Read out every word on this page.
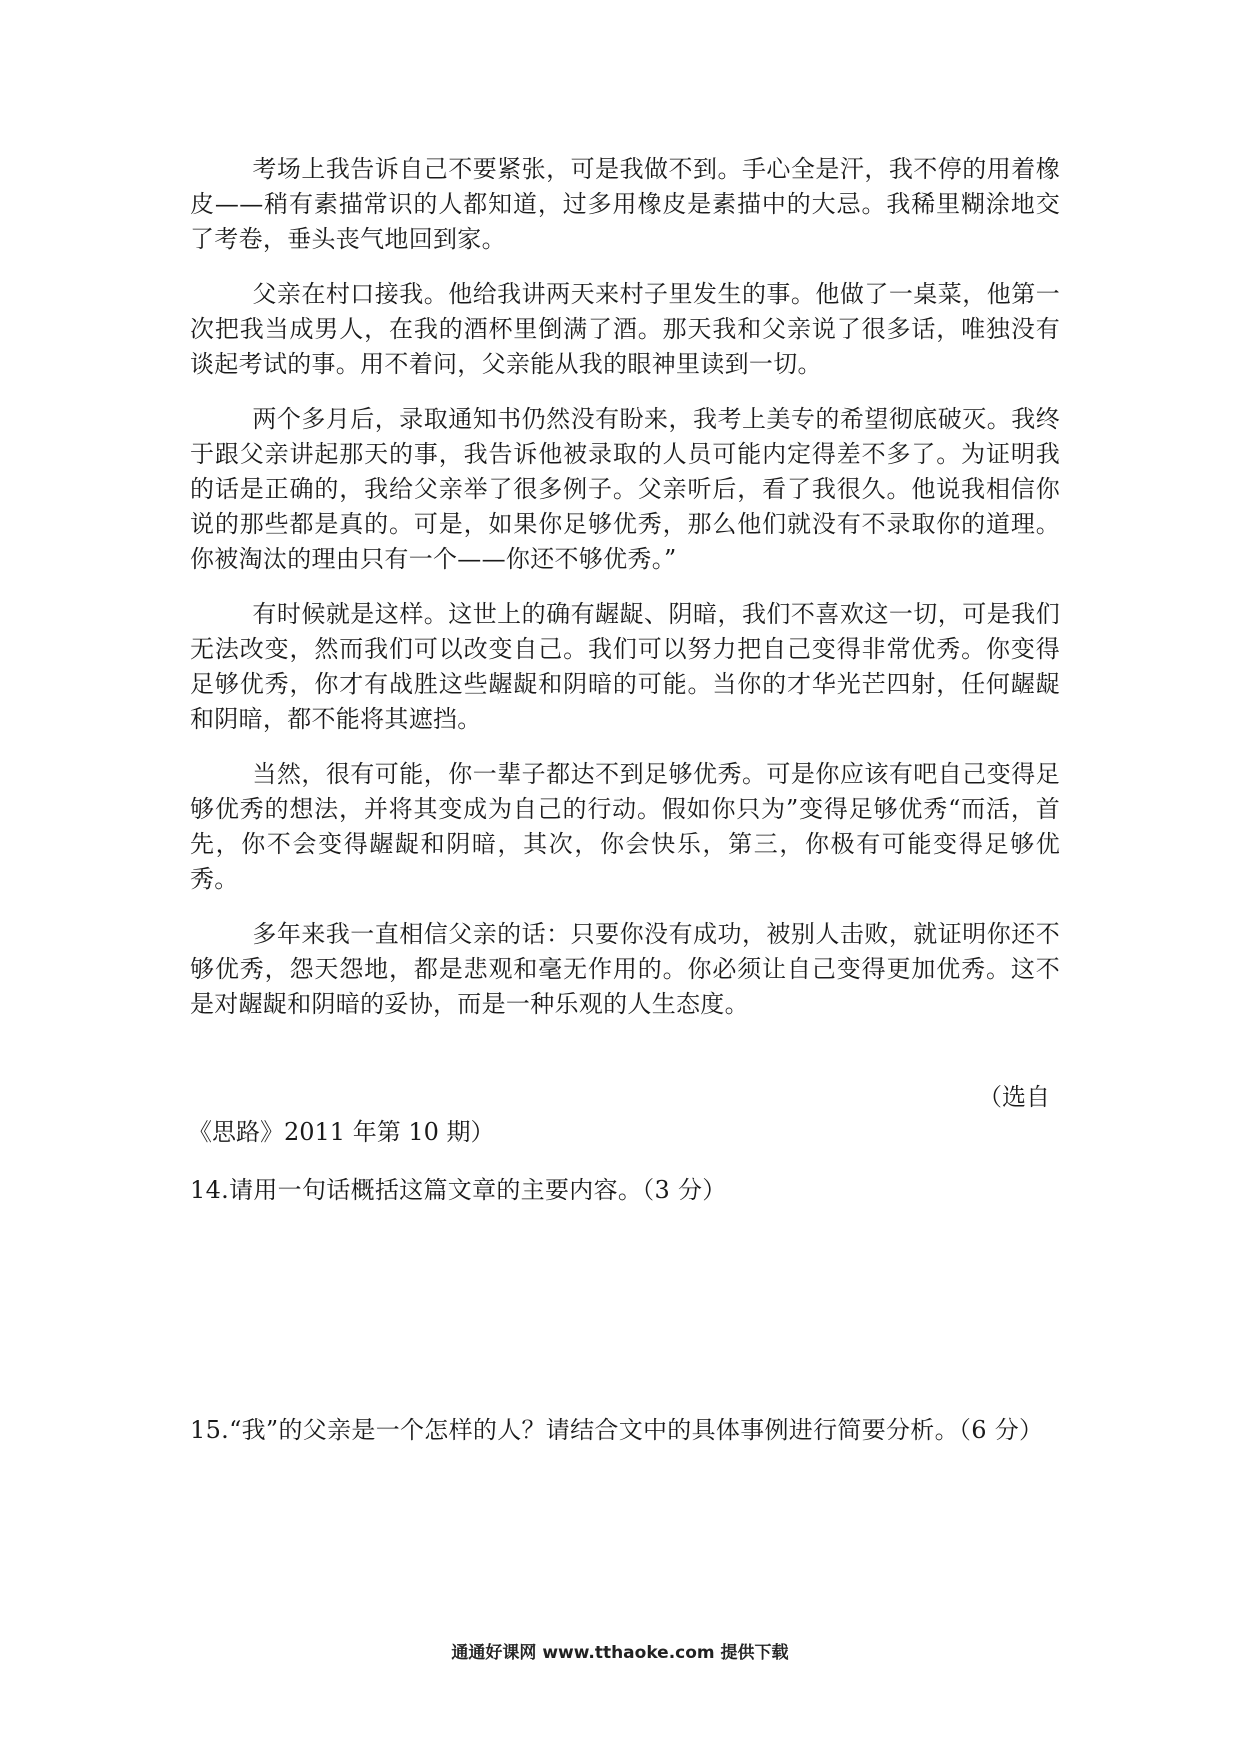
考场上我告诉自己不要紧张，可是我做不到。手心全是汗，我不停的用着橡皮——稍有素描常识的人都知道，过多用橡皮是素描中的大忌。我稀里糊涂地交了考卷，垂头丧气地回到家。

父亲在村口接我。他给我讲两天来村子里发生的事。他做了一桌菜，他第一次把我当成男人，在我的酒杯里倒满了酒。那天我和父亲说了很多话，唯独没有谈起考试的事。用不着问，父亲能从我的眼神里读到一切。

两个多月后，录取通知书仍然没有盼来，我考上美专的希望彻底破灭。我终于跟父亲讲起那天的事，我告诉他被录取的人员可能内定得差不多了。为证明我的话是正确的，我给父亲举了很多例子。父亲听后，看了我很久。他说我相信你说的那些都是真的。可是，如果你足够优秀，那么他们就没有不录取你的道理。你被淘汰的理由只有一个——你还不够优秀。”

有时候就是这样。这世上的确有龌龊、阴暗，我们不喜欢这一切，可是我们无法改变，然而我们可以改变自己。我们可以努力把自己变得非常优秀。你变得足够优秀，你才有战胜这些龌龊和阴暗的可能。当你的才华光芒四射，任何龌龊和阴暗，都不能将其遮挡。

当然，很有可能，你一辈子都达不到足够优秀。可是你应该有吧自己变得足够优秀的想法，并将其变成为自己的行动。假如你只为”变得足够优秀“而活，首先，你不会变得龌龊和阴暗，其次，你会快乐，第三，你极有可能变得足够优秀。

多年来我一直相信父亲的话：只要你没有成功，被别人击败，就证明你还不够优秀，怨天怨地，都是悲观和毫无作用的。你必须让自己变得更加优秀。这不是对龌龊和阴暗的妥协，而是一种乐观的人生态度。

（选自

《思路》2011 年第 10 期）

14.请用一句话概括这篇文章的主要内容。（3 分）

15.“我”的父亲是一个怎样的人？请结合文中的具体事例进行简要分析。（6 分）

通通好课网 www.tthaoke.com 提供下载
